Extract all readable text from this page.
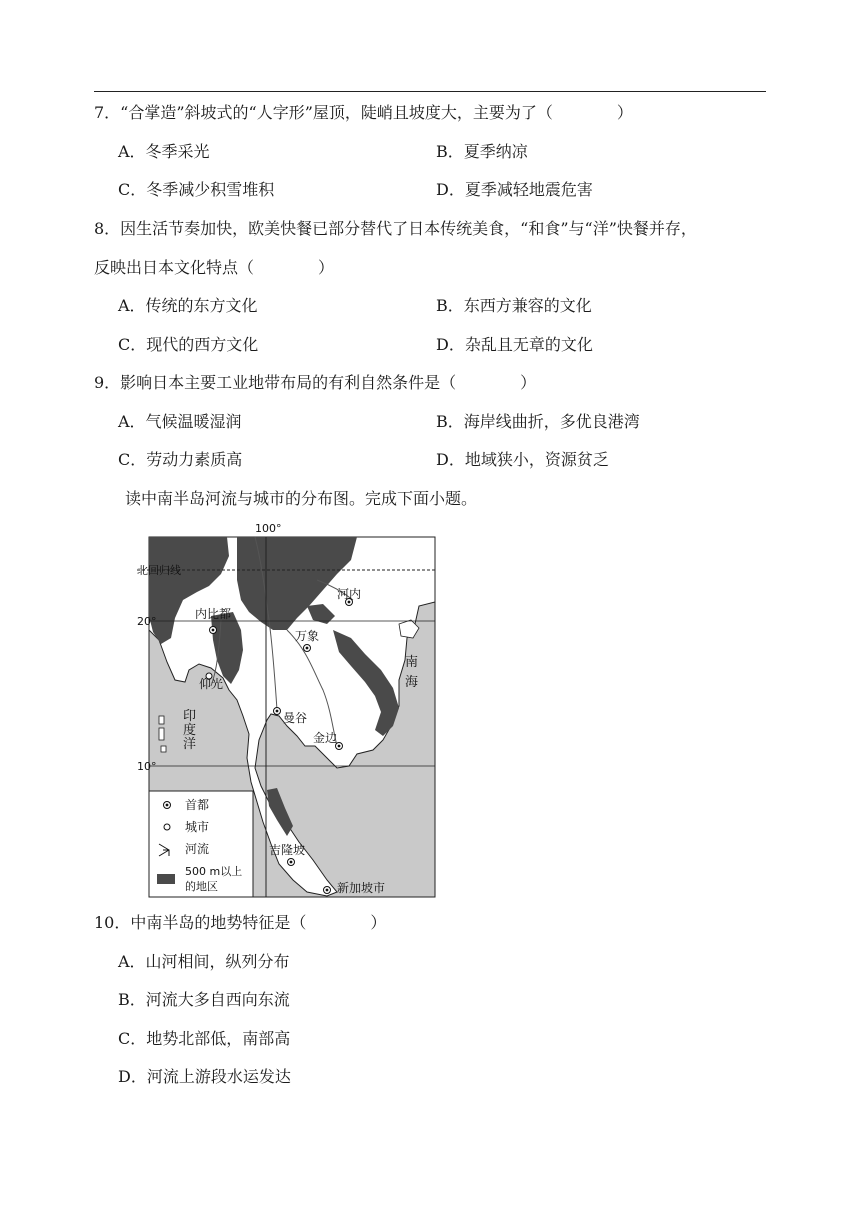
7．“合掌造”斜坡式的“人字形”屋顶，陡峭且坡度大，主要为了（　　　　）
A．冬季采光	B．夏季纳凉
C．冬季减少积雪堆积	D．夏季减轻地震危害
8．因生活节奏加快，欧美快餐已部分替代了日本传统美食，“和食”与“洋”快餐并存，
反映出日本文化特点（　　　　）
A．传统的东方文化	B．东西方兼容的文化
C．现代的西方文化	D．杂乱且无章的文化
9．影响日本主要工业地带布局的有利自然条件是（　　　　）
A．气候温暖湿润	B．海岸线曲折，多优良港湾
C．劳动力素质高	D．地域狭小，资源贫乏
读中南半岛河流与城市的分布图。完成下面小题。
100°
北回归线
20°
10°
南
海
印
度
洋
内比都
河内
万象
曼谷
金边
吉隆坡
新加坡市
仰光
首都
城市
河流
500 m以上
的地区
10．中南半岛的地势特征是（　　　　）
A．山河相间，纵列分布
B．河流大多自西向东流
C．地势北部低，南部高
D．河流上游段水运发达
